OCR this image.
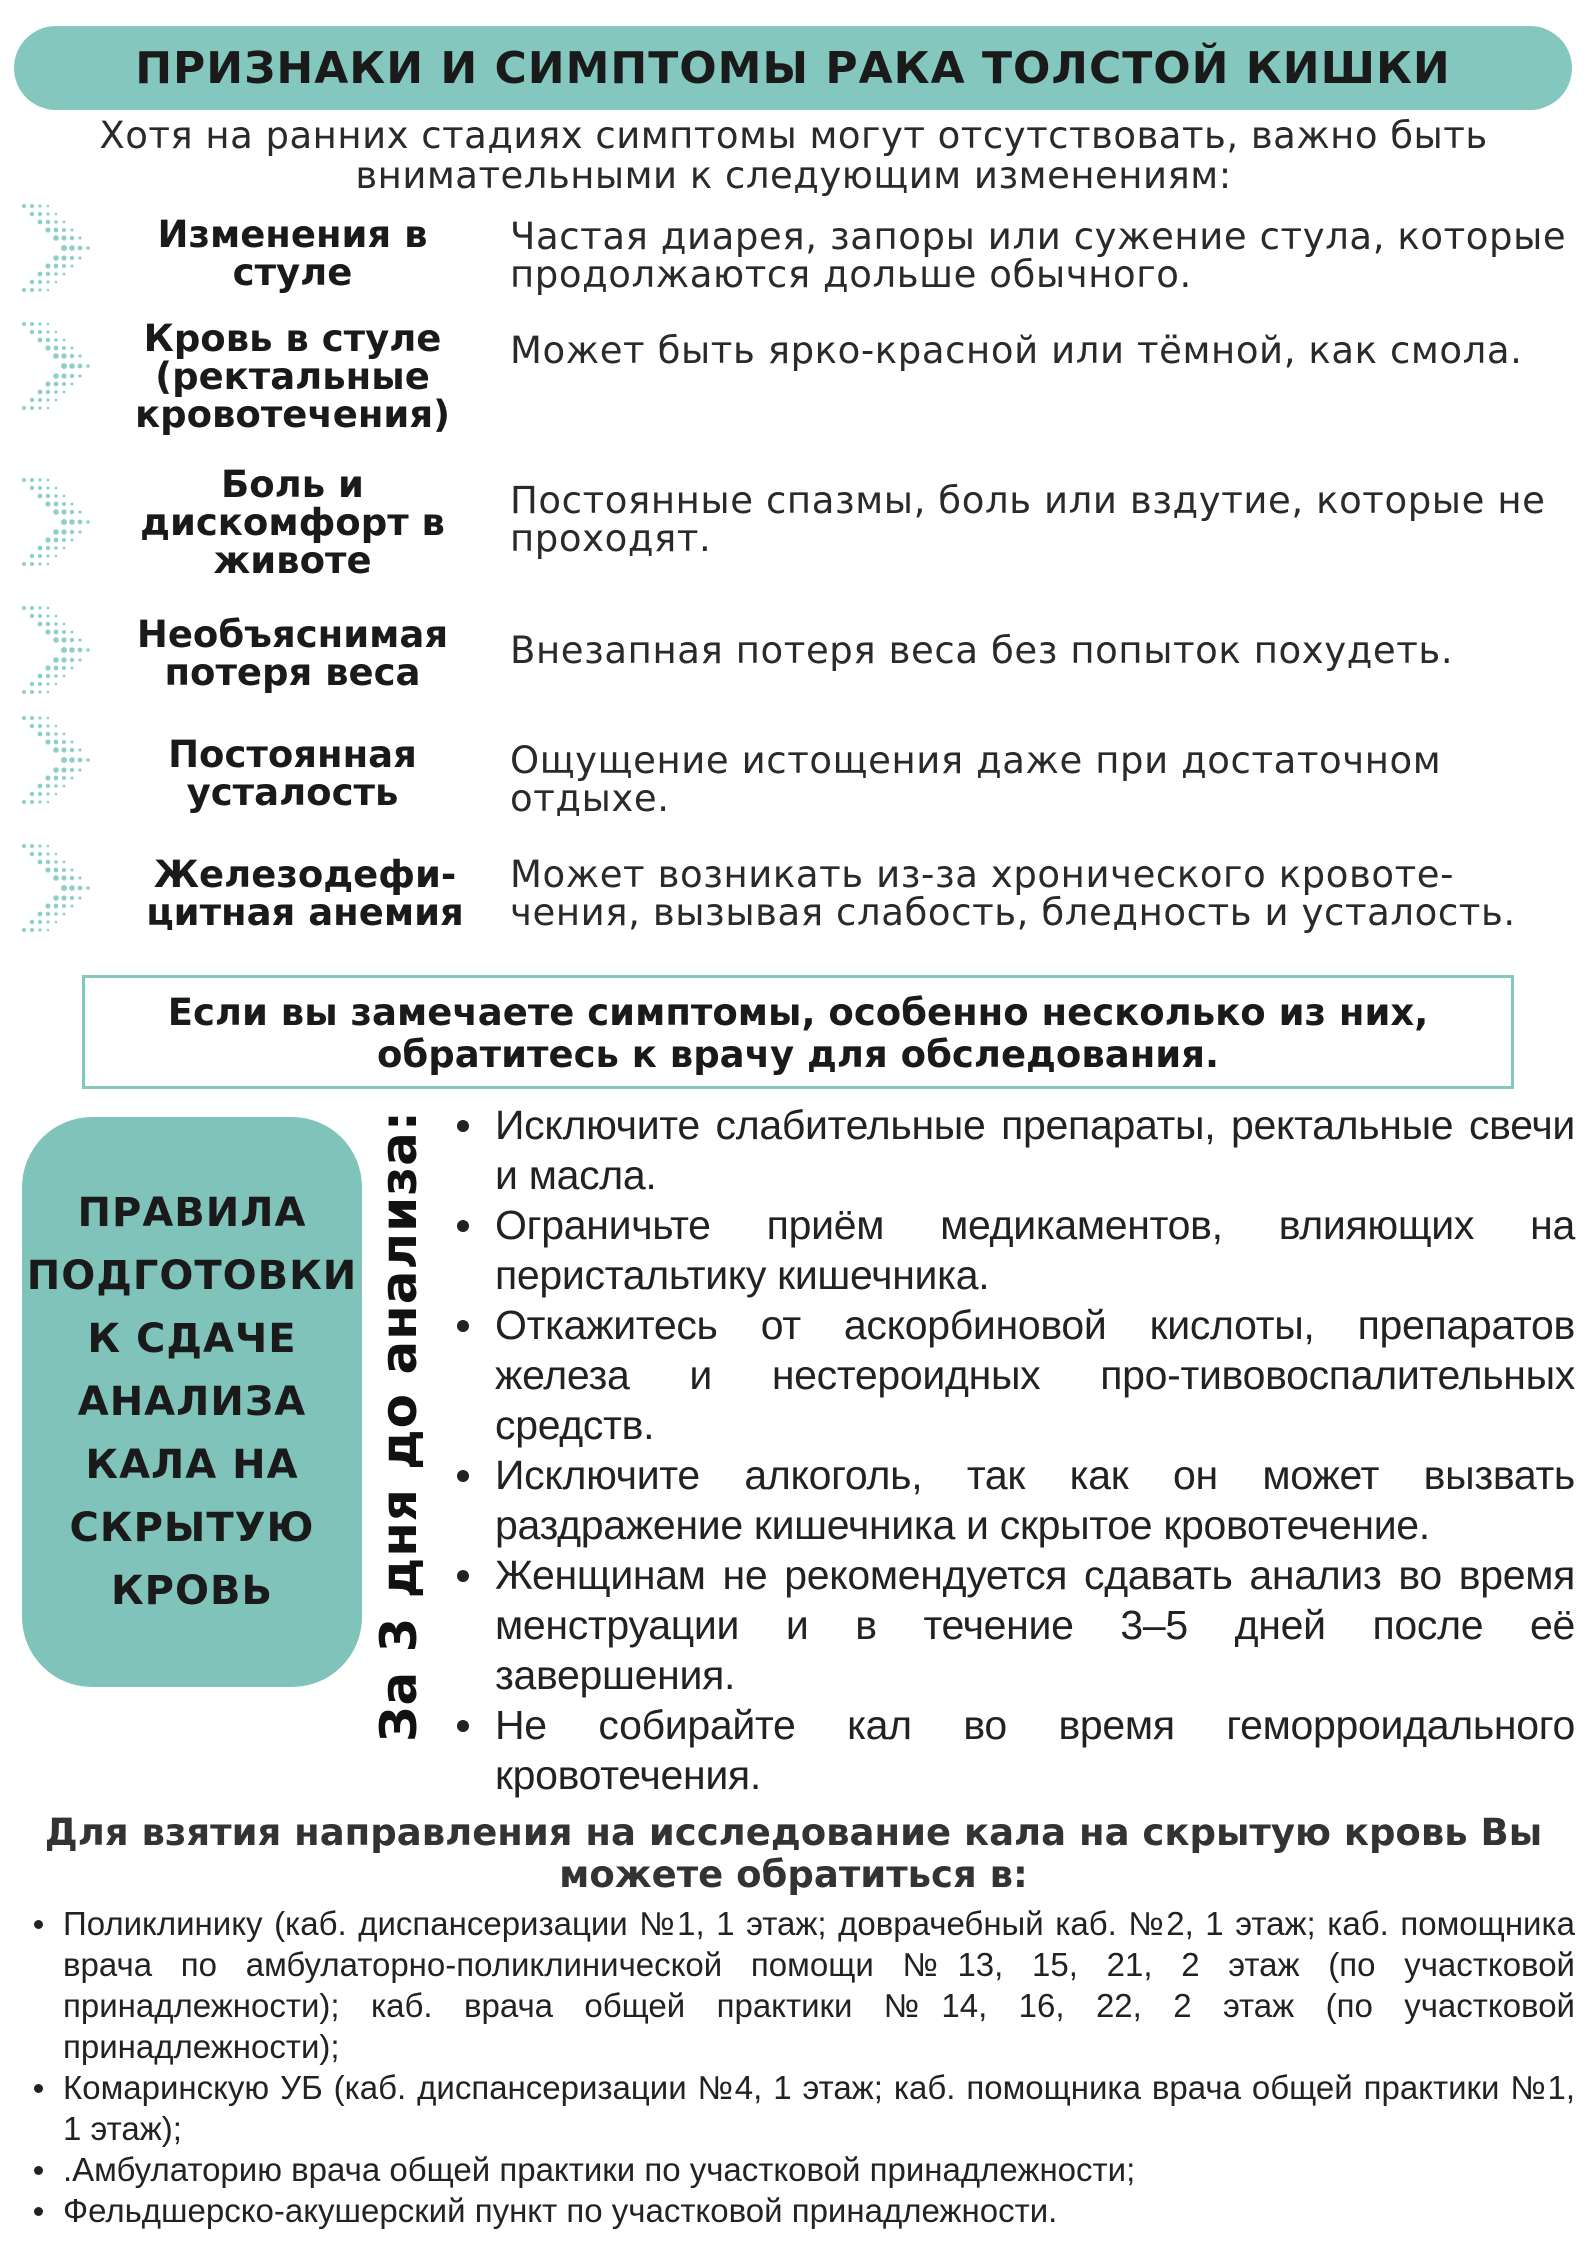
ПРИЗНАКИ И СИМПТОМЫ РАКА ТОЛСТОЙ КИШКИ
Хотя на ранних стадиях симптомы могут отсутствовать, важно быть внимательными к следующим изменениям:
Изменения в стуле
Частая диарея, запоры или сужение стула, которые продолжаются дольше обычного.
Кровь в стуле (ректальные кровотечения)
Может быть ярко-красной или тёмной, как смола.
Боль и дискомфорт в животе
Постоянные спазмы, боль или вздутие, которые не проходят.
Необъяснимая потеря веса
Внезапная потеря веса без попыток похудеть.
Постоянная усталость
Ощущение истощения даже при достаточном отдыхе.
Железодефи- цитная анемия
Может возникать из-за хронического кровоте- чения, вызывая слабость, бледность и усталость.
Если вы замечаете симптомы, особенно несколько из них, обратитесь к врачу для обследования.
ПРАВИЛА
ПОДГОТОВКИ
К СДАЧЕ
АНАЛИЗА
КАЛА НА
СКРЫТУЮ
КРОВЬ	За 3 дня до анализа:	Исключите слабительные препараты, ректальные свечи и масла.
Ограничьте приём медикаментов, влияющих на перистальтику кишечника.
Откажитесь от аскорбиновой кислоты, препаратов железа и нестероидных про-тивовоспалительных средств.
Исключите алкоголь, так как он может вызвать раздражение кишечника и скрытое кровотечение.
Женщинам не рекомендуется сдавать анализ во время менструации и в течение 3–5 дней после её завершения.
Не собирайте кал во время геморроидального кровотечения.
Для взятия направления на исследование кала на скрытую кровь Вы можете обратиться в:
Поликлинику (каб. диспансеризации №1, 1 этаж; доврачебный каб. №2, 1 этаж; каб. помощника врача по амбулаторно-поликлинической помощи №13, 15, 21, 2 этаж (по участковой принадлежности); каб. врача общей практики №14, 16, 22, 2 этаж (по участковой принадлежности);
Комаринскую УБ (каб. диспансеризации №4, 1 этаж; каб. помощника врача общей практики №1, 1 этаж);
.Амбулаторию врача общей практики по участковой принадлежности;
Фельдшерско-акушерский пункт по участковой принадлежности.
